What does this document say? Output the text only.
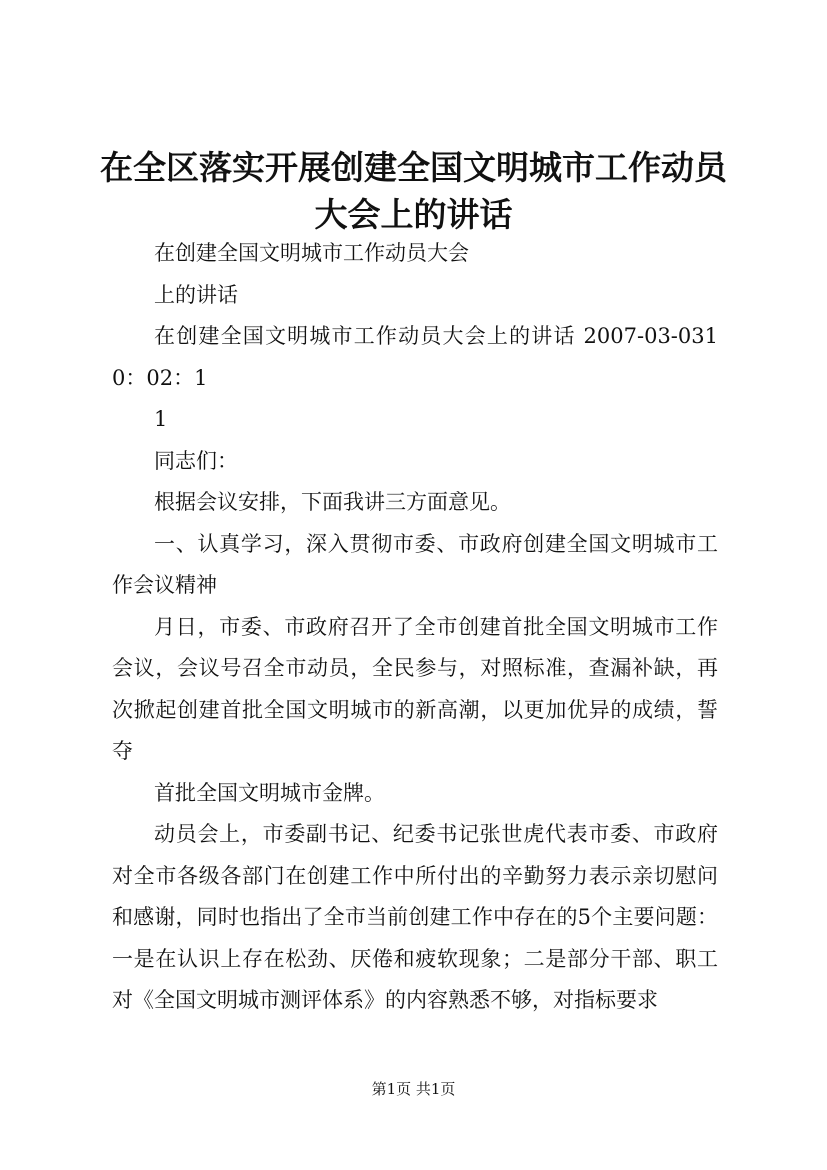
在全区落实开展创建全国文明城市工作动员大会上的讲话

在创建全国文明城市工作动员大会

上的讲话

在创建全国文明城市工作动员大会上的讲话 2007-03-0310：02：1

1

同志们：

根据会议安排，下面我讲三方面意见。

一、认真学习，深入贯彻市委、市政府创建全国文明城市工作会议精神

月日，市委、市政府召开了全市创建首批全国文明城市工作会议，会议号召全市动员，全民参与，对照标准，查漏补缺，再次掀起创建首批全国文明城市的新高潮，以更加优异的成绩，誓夺

首批全国文明城市金牌。

动员会上，市委副书记、纪委书记张世虎代表市委、市政府对全市各级各部门在创建工作中所付出的辛勤努力表示亲切慰问和感谢，同时也指出了全市当前创建工作中存在的5个主要问题：一是在认识上存在松劲、厌倦和疲软现象；二是部分干部、职工对《全国文明城市测评体系》的内容熟悉不够，对指标要求

第1页 共1页
